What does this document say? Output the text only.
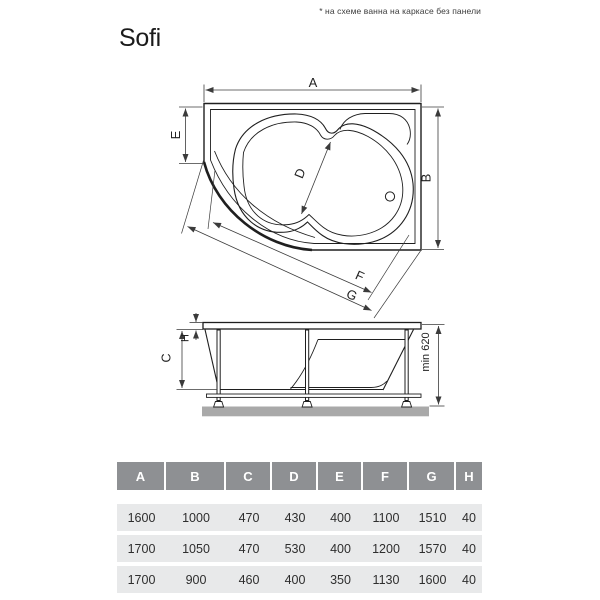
* на схеме ванна на каркасе без панели
Sofi
A
B
E
D
F
G
H
C	min 620
A	B	C	D	E	F	G	H
1600	1000	470	430	400	1100	1510	40
1700	1050	470	530	400	1200	1570	40
1700	900	460	400	350	1130	1600	40
